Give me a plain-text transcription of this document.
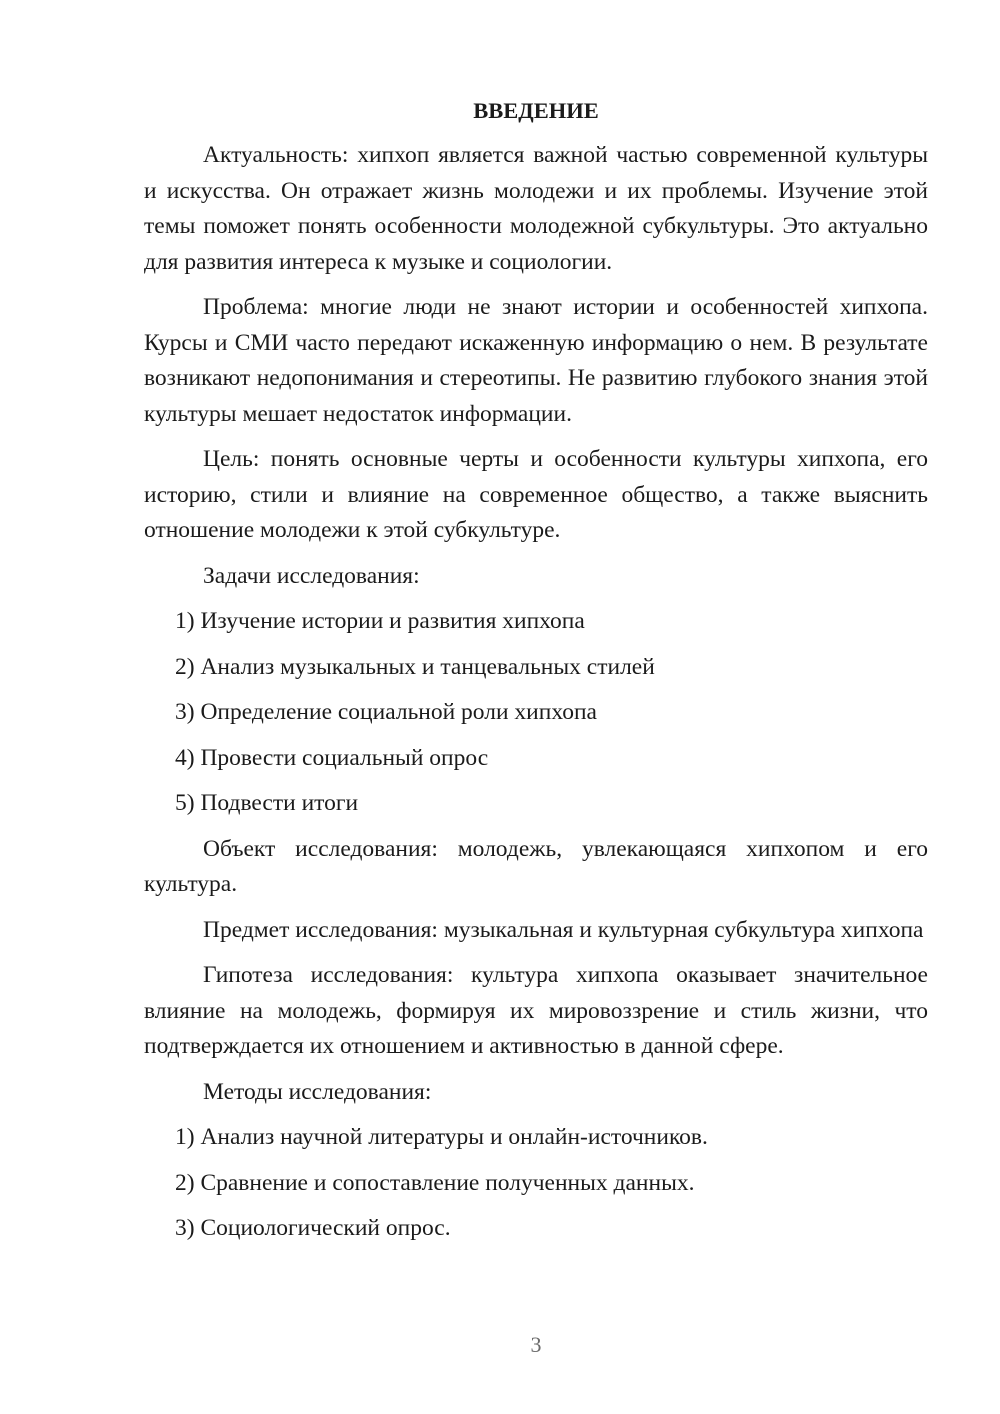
ВВЕДЕНИЕ

Актуальность: хипхоп является важной частью современной культуры и искусства. Он отражает жизнь молодежи и их проблемы. Изучение этой темы поможет понять особенности молодежной субкультуры. Это актуально для развития интереса к музыке и социологии.

Проблема: многие люди не знают истории и особенностей хипхопа. Курсы и СМИ часто передают искаженную информацию о нем. В результате возникают недопонимания и стереотипы. Не развитию глубокого знания этой культуры мешает недостаток информации.

Цель: понять основные черты и особенности культуры хипхопа, его историю, стили и влияние на современное общество, а также выяснить отношение молодежи к этой субкультуре.

Задачи исследования:

1) Изучение истории и развития хипхопа
2) Анализ музыкальных и танцевальных стилей
3) Определение социальной роли хипхопа
4) Провести социальный опрос
5) Подвести итоги

Объект исследования: молодежь, увлекающаяся хипхопом и его культура.

Предмет исследования: музыкальная и культурная субкультура хипхопа

Гипотеза исследования: культура хипхопа оказывает значительное влияние на молодежь, формируя их мировоззрение и стиль жизни, что подтверждается их отношением и активностью в данной сфере.

Методы исследования:

1) Анализ научной литературы и онлайн-источников.
2) Сравнение и сопоставление полученных данных.
3) Социологический опрос.
3
